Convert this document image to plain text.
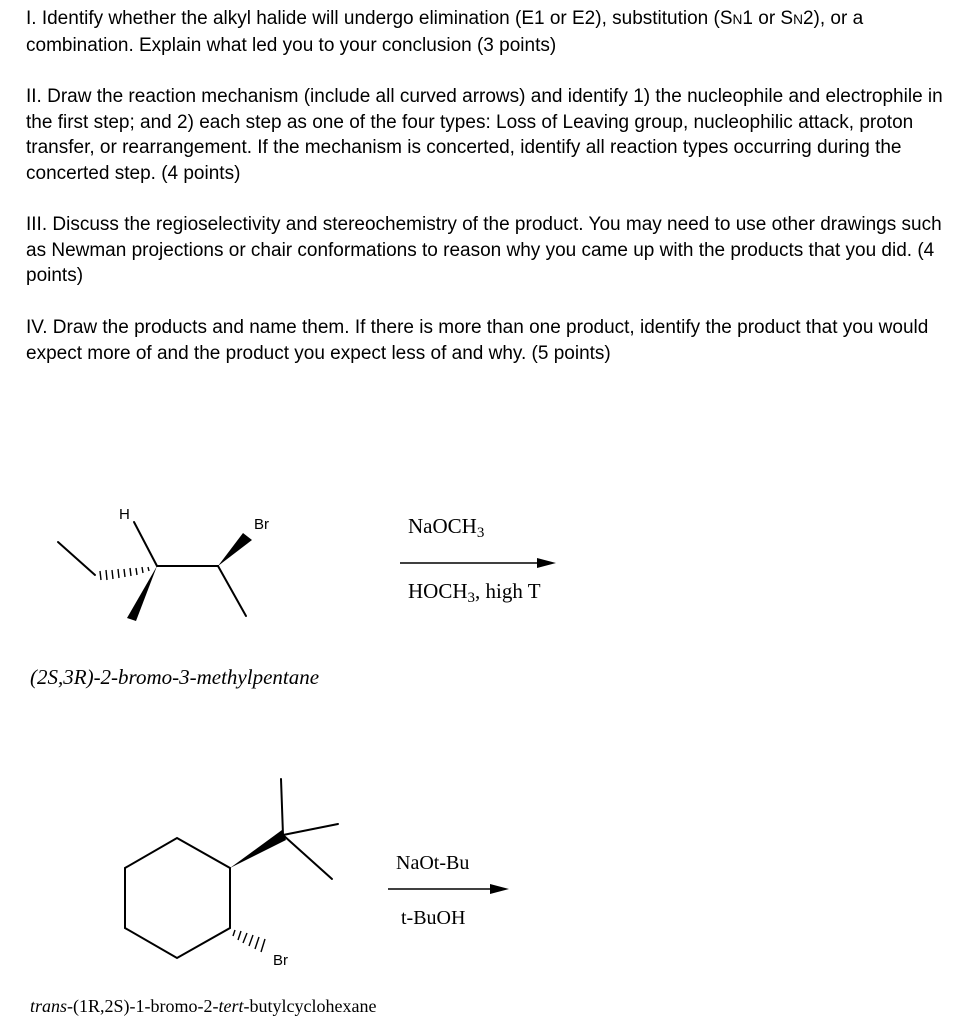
I. Identify whether the alkyl halide will undergo elimination (E1 or E2), substitution (SN1 or SN2), or a combination. Explain what led you to your conclusion (3 points)

II. Draw the reaction mechanism (include all curved arrows) and identify 1) the nucleophile and electrophile in the first step; and 2) each step as one of the four types: Loss of Leaving group, nucleophilic attack, proton transfer, or rearrangement. If the mechanism is concerted, identify all reaction types occurring during the concerted step. (4 points)

III. Discuss the regioselectivity and stereochemistry of the product. You may need to use other drawings such as Newman projections or chair conformations to reason why you came up with the products that you did. (4 points)

IV. Draw the products and name them. If there is more than one product, identify the product that you would expect more of and the product you expect less of and why. (5 points)

H
Br	NaOCH3
HOCH3, high T
(2S,3R)-2-bromo-3-methylpentane
Br
NaOt-Bu
t-BuOH
trans-(1R,2S)-1-bromo-2-tert-butylcyclohexane
